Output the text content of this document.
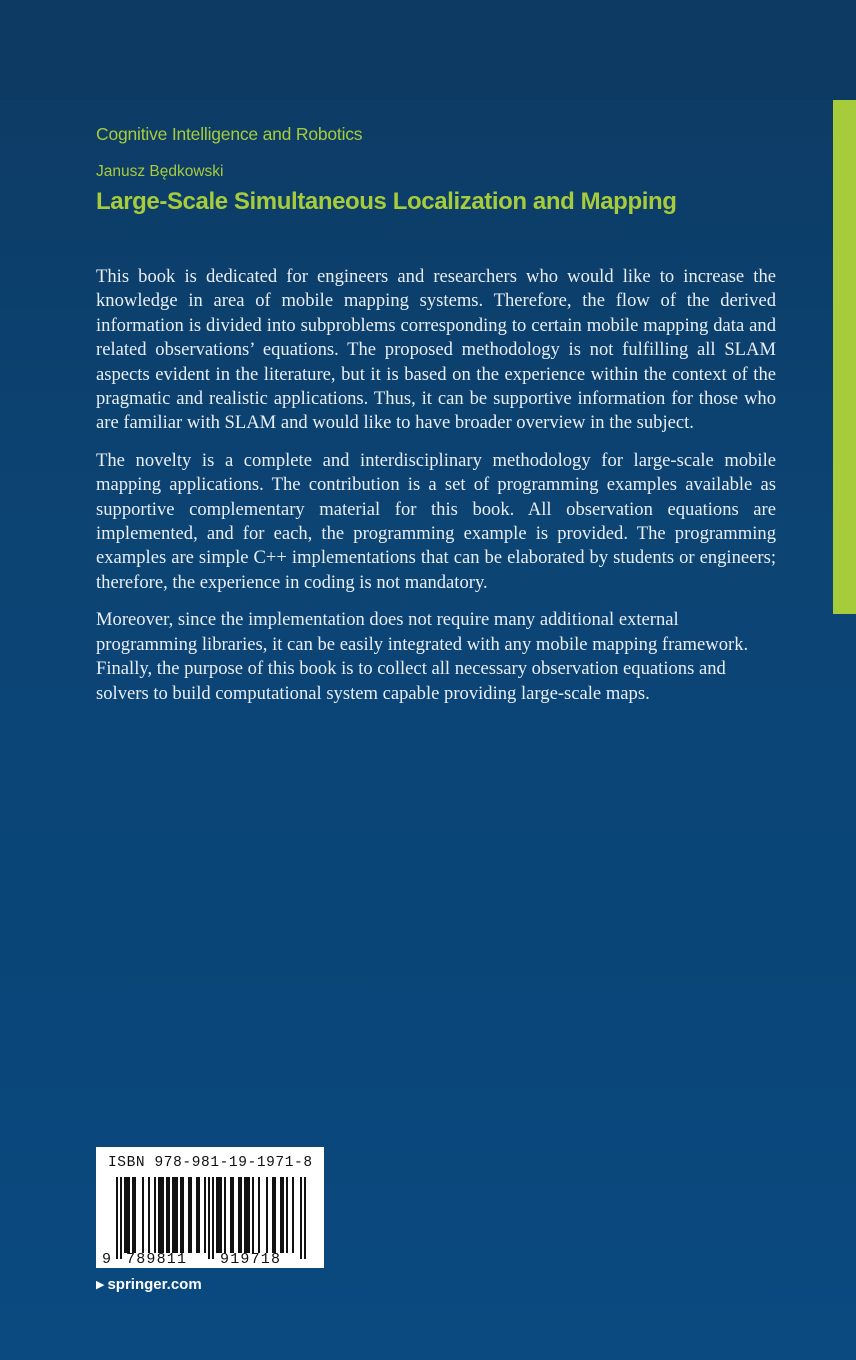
Cognitive Intelligence and Robotics
Janusz Będkowski
Large-Scale Simultaneous Localization and Mapping

This book is dedicated for engineers and researchers who would like to increase the knowledge in area of mobile mapping systems. Therefore, the flow of the derived information is divided into subproblems corresponding to certain mobile mapping data and related observations’ equations. The proposed methodology is not fulfilling all SLAM aspects evident in the literature, but it is based on the experience within the context of the pragmatic and realistic applications. Thus, it can be supportive information for those who are familiar with SLAM and would like to have broader overview in the subject.

The novelty is a complete and interdisciplinary methodology for large-scale mobile mapping applications. The contribution is a set of programming examples available as supportive complementary material for this book. All observation equations are implemented, and for each, the programming example is provided. The programming examples are simple C++ implementations that can be elaborated by students or engineers; therefore, the experience in coding is not mandatory.

Moreover, since the implementation does not require many additional external programming libraries, it can be easily integrated with any mobile mapping framework. Finally, the purpose of this book is to collect all necessary observation equations and solvers to build computational system capable providing large-scale maps.

ISBN 978-981-19-1971-8
9 789811 919718
▶ springer.com
